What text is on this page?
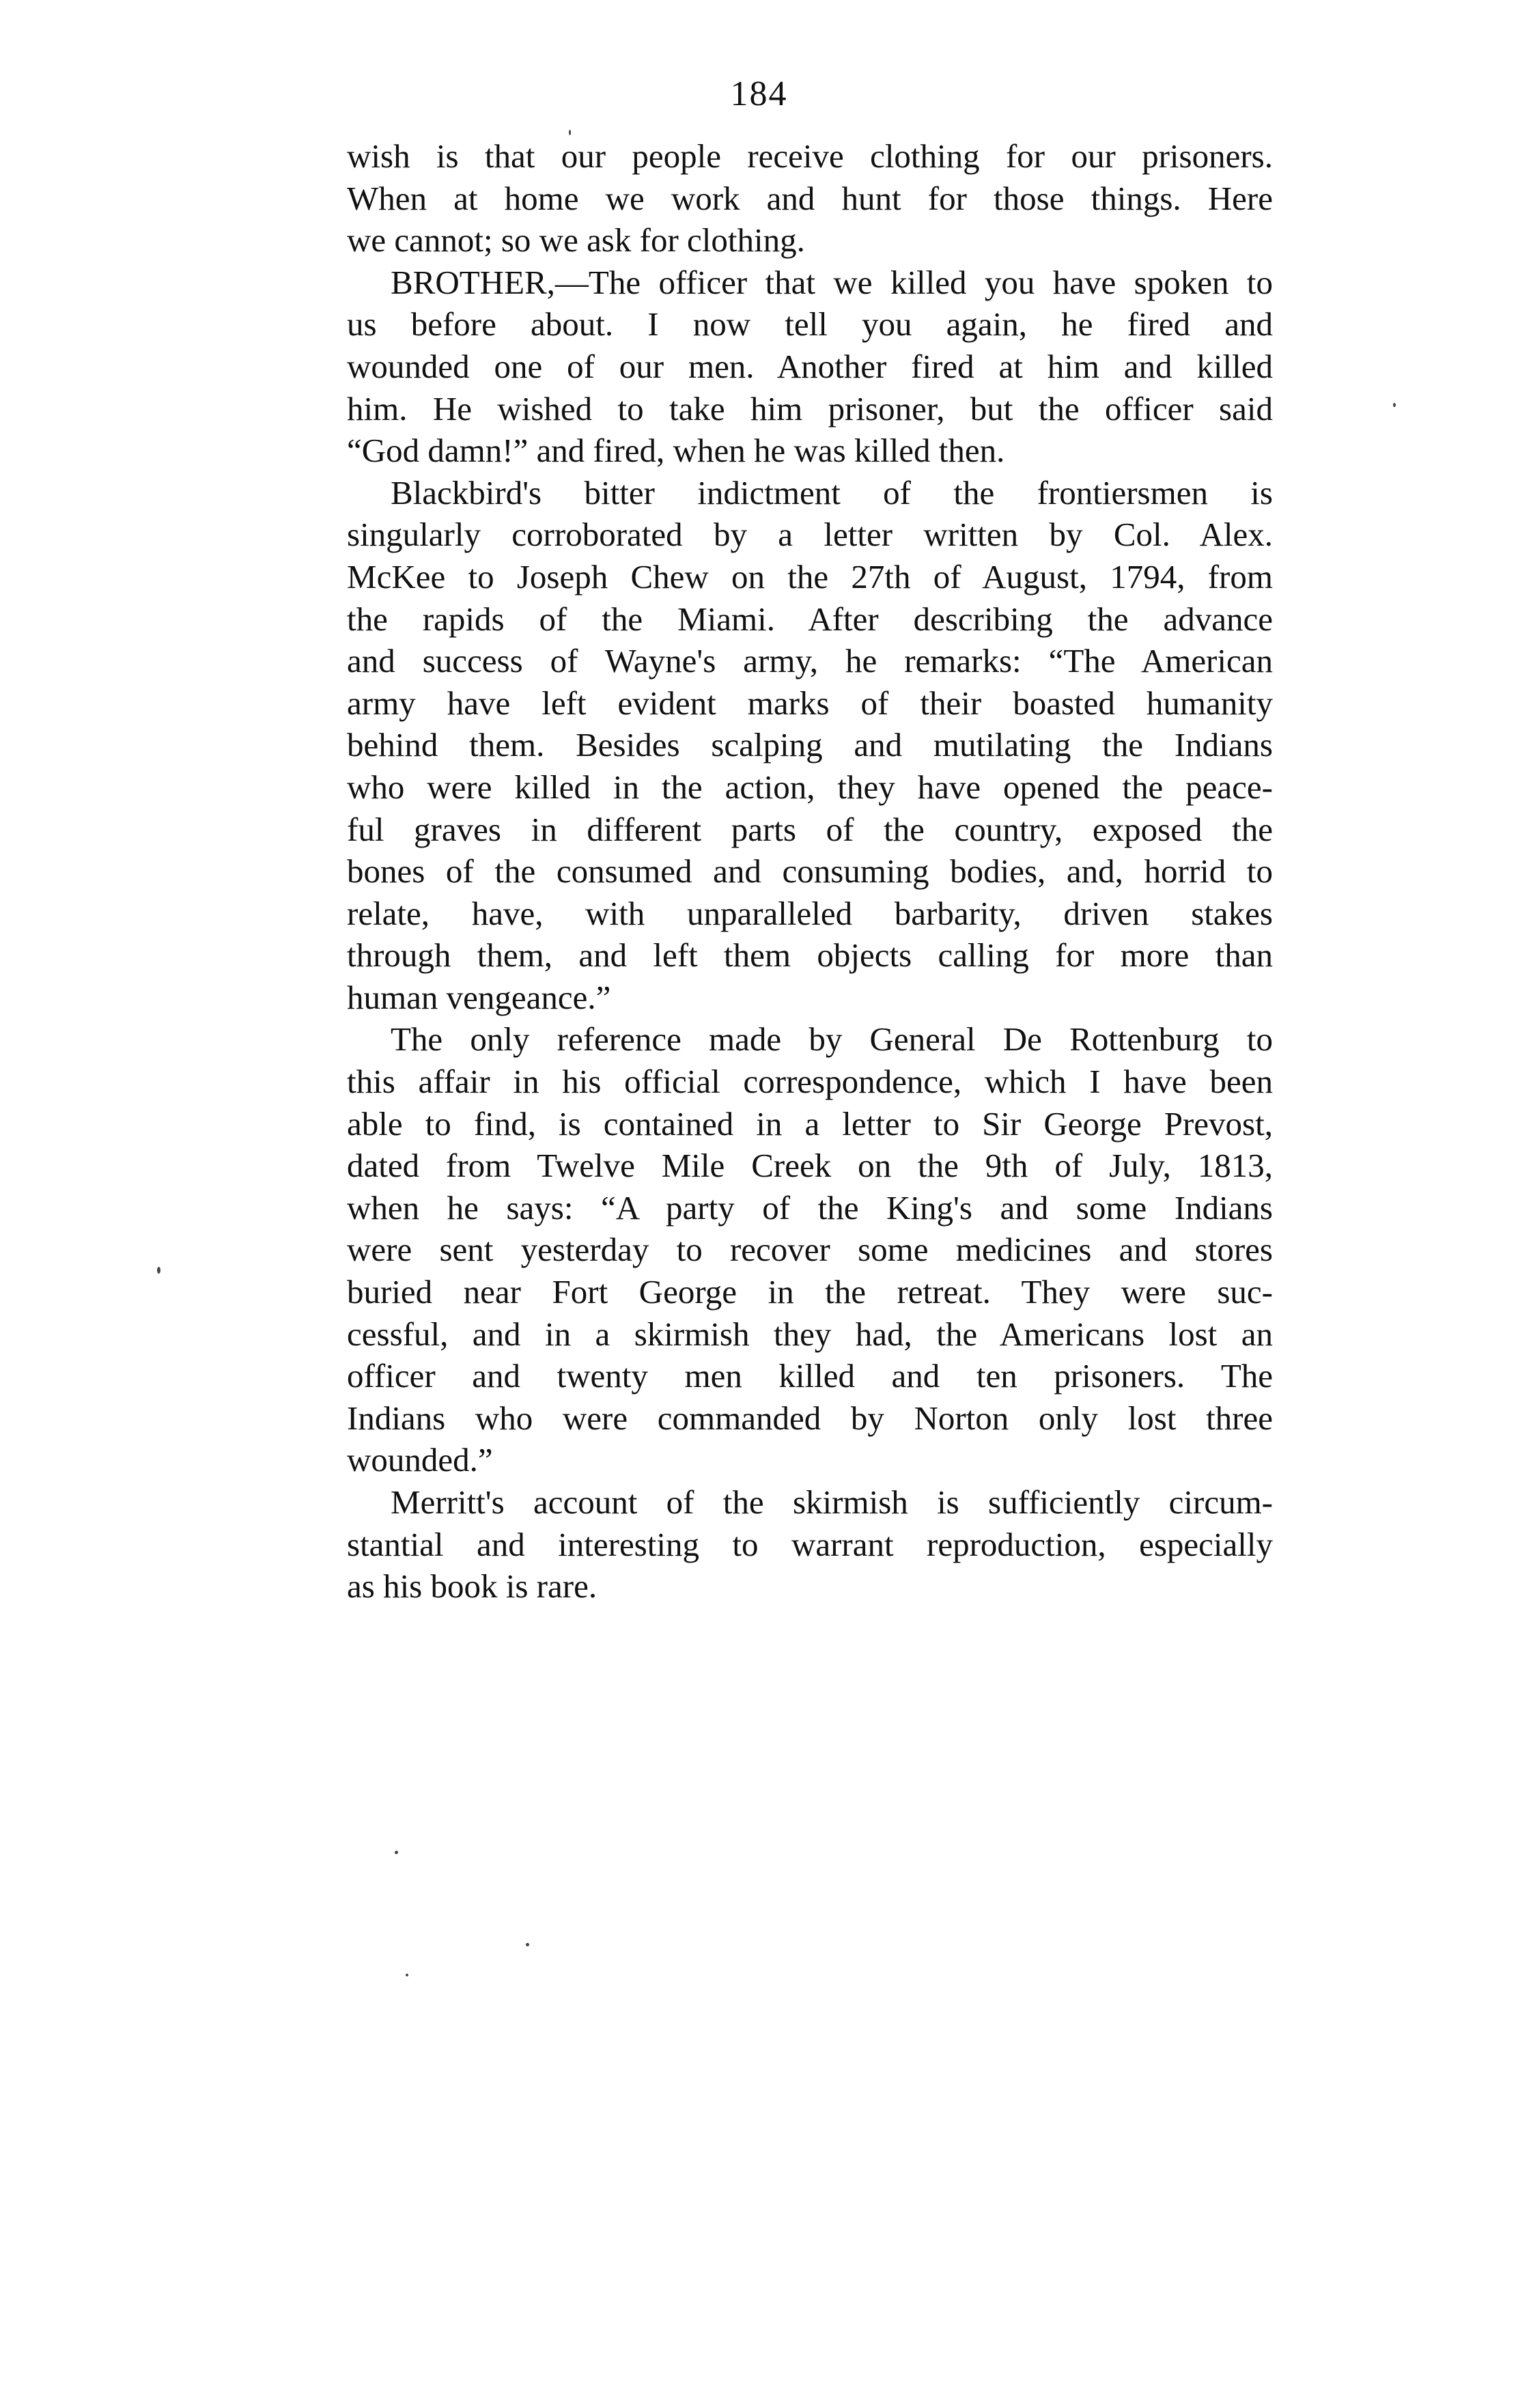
184
wish is that our people receive clothing for our prisoners.
When at home we work and hunt for those things. Here
we cannot; so we ask for clothing.
BROTHER,—The officer that we killed you have spoken to
us before about. I now tell you again, he fired and
wounded one of our men. Another fired at him and killed
him. He wished to take him prisoner, but the officer said
“God damn!” and fired, when he was killed then.
Blackbird's bitter indictment of the frontiersmen is
singularly corroborated by a letter written by Col. Alex.
McKee to Joseph Chew on the 27th of August, 1794, from
the rapids of the Miami. After describing the advance
and success of Wayne's army, he remarks: “The American
army have left evident marks of their boasted humanity
behind them. Besides scalping and mutilating the Indians
who were killed in the action, they have opened the peace-
ful graves in different parts of the country, exposed the
bones of the consumed and consuming bodies, and, horrid to
relate, have, with unparalleled barbarity, driven stakes
through them, and left them objects calling for more than
human vengeance.”
The only reference made by General De Rottenburg to
this affair in his official correspondence, which I have been
able to find, is contained in a letter to Sir George Prevost,
dated from Twelve Mile Creek on the 9th of July, 1813,
when he says: “A party of the King's and some Indians
were sent yesterday to recover some medicines and stores
buried near Fort George in the retreat. They were suc-
cessful, and in a skirmish they had, the Americans lost an
officer and twenty men killed and ten prisoners. The
Indians who were commanded by Norton only lost three
wounded.”
Merritt's account of the skirmish is sufficiently circum-
stantial and interesting to warrant reproduction, especially
as his book is rare.
